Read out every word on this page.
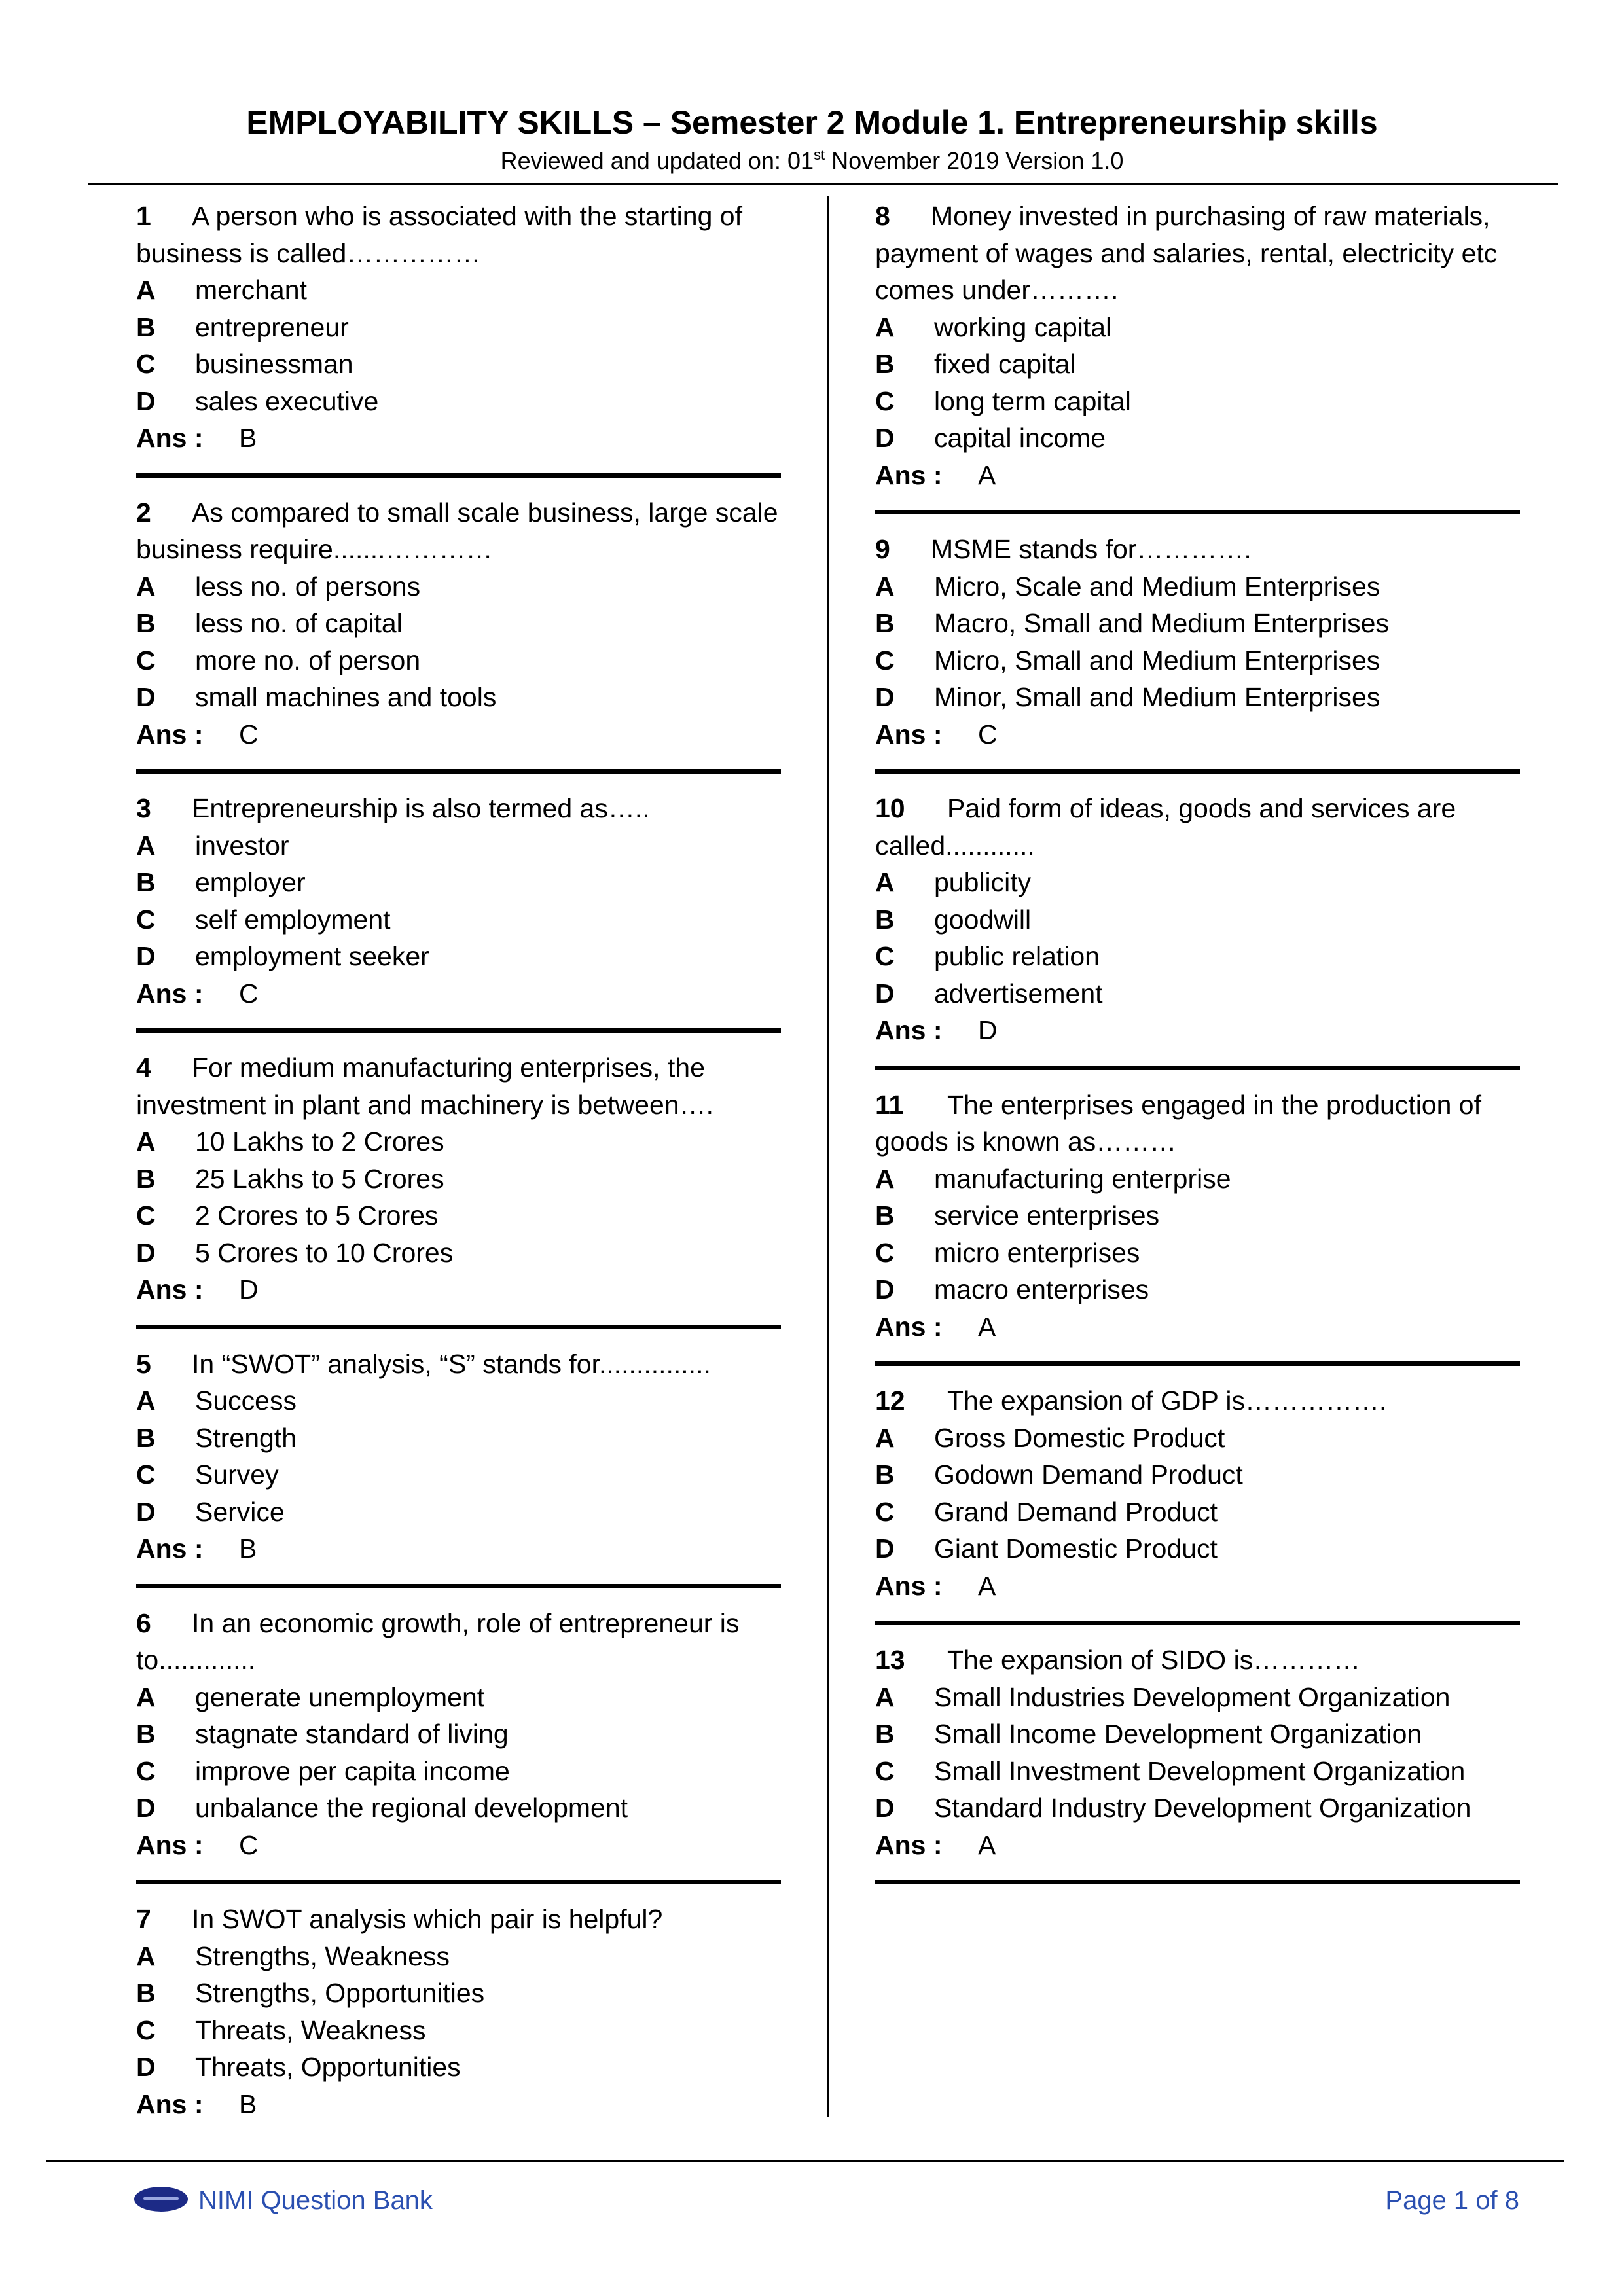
EMPLOYABILITY SKILLS – Semester 2 Module 1. Entrepreneurship skills
Reviewed and updated on: 01st November 2019 Version 1.0
1 A person who is associated with the starting of business is called……………
A merchant
B entrepreneur
C businessman
D sales executive
Ans : B
2 As compared to small scale business, large scale business require.......…………
A less no. of persons
B less no. of capital
C more no. of person
D small machines and tools
Ans : C
3 Entrepreneurship is also termed as…..
A investor
B employer
C self employment
D employment seeker
Ans : C
4 For medium manufacturing enterprises, the investment in plant and machinery is between….
A 10 Lakhs to 2 Crores
B 25 Lakhs to 5 Crores
C 2 Crores to 5 Crores
D 5 Crores to 10 Crores
Ans : D
5 In “SWOT” analysis, “S” stands for...............
A Success
B Strength
C Survey
D Service
Ans : B
6 In an economic growth, role of entrepreneur is to.............
A generate unemployment
B stagnate standard of living
C improve per capita income
D unbalance the regional development
Ans : C
7 In SWOT analysis which pair is helpful?
A Strengths, Weakness
B Strengths, Opportunities
C Threats, Weakness
D Threats, Opportunities
Ans : B
8 Money invested in purchasing of raw materials, payment of wages and salaries, rental, electricity etc comes under……….
A working capital
B fixed capital
C long term capital
D capital income
Ans : A
9 MSME stands for………….
A Micro, Scale and Medium Enterprises
B Macro, Small and Medium Enterprises
C Micro, Small and Medium Enterprises
D Minor, Small and Medium Enterprises
Ans : C
10 Paid form of ideas, goods and services are called............
A publicity
B goodwill
C public relation
D advertisement
Ans : D
11 The enterprises engaged in the production of goods is known as………
A manufacturing enterprise
B service enterprises
C micro enterprises
D macro enterprises
Ans : A
12 The expansion of GDP is…………….
A Gross Domestic Product
B Godown Demand Product
C Grand Demand Product
D Giant Domestic Product
Ans : A
13 The expansion of SIDO is…………
A Small Industries Development Organization
B Small Income Development Organization
C Small Investment Development Organization
D Standard Industry Development Organization
Ans : A
NIMI Question Bank	Page 1 of 8
